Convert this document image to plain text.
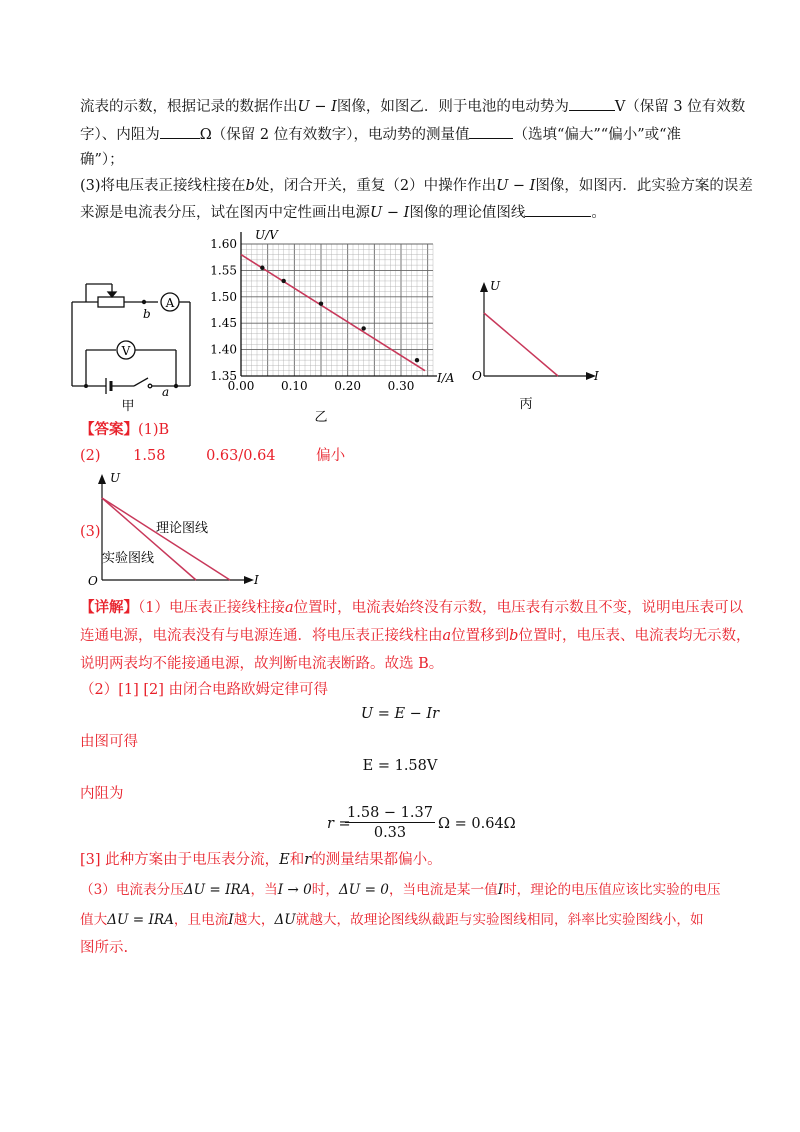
流表的示数，根据记录的数据作出U − I图像，如图乙．则于电池的电动势为	V（保留 3 位有效数
字）、内阻为	Ω（保留 2 位有效数字），电动势的测量值	（选填“偏大”“偏小”或“准
确”）；
(3)将电压表正接线柱接在b处，闭合开关，重复（2）中操作作出U − I图像，如图丙．此实验方案的误差
来源是电流表分压，试在图丙中定性画出电源U − I图像的理论值图线	。
A
V
b
a
甲
1.60
1.55
1.50
1.45
1.40
1.35
0.00 0.10 0.20 0.30
U/V
I/A
乙
U
I
O
丙
【答案】(1)B
(2) 1.58	0.63/0.64	偏小
(3)
U
I
O
理论图线
实验图线
【详解】（1）电压表正接线柱接a位置时，电流表始终没有示数，电压表有示数且不变，说明电压表可以
连通电源，电流表没有与电源连通．将电压表正接线柱由a位置移到b位置时，电压表、电流表均无示数，
说明两表均不能接通电源，故判断电流表断路。故选 B。
（2）[1] [2] 由闭合电路欧姆定律可得
U = E − Ir
由图可得
E = 1.58V
内阻为
r =
$\frac{1.58 - 1.37}{0.33}$ Ω = 0.64Ω
[3] 此种方案由于电压表分流，E和r的测量结果都偏小。
（3）电流表分压ΔU = IRA，当I → 0时，ΔU = 0，当电流是某一值I时，理论的电压值应该比实验的电压
值大ΔU = IRA，且电流I越大，ΔU就越大，故理论图线纵截距与实验图线相同，斜率比实验图线小，如
图所示.
